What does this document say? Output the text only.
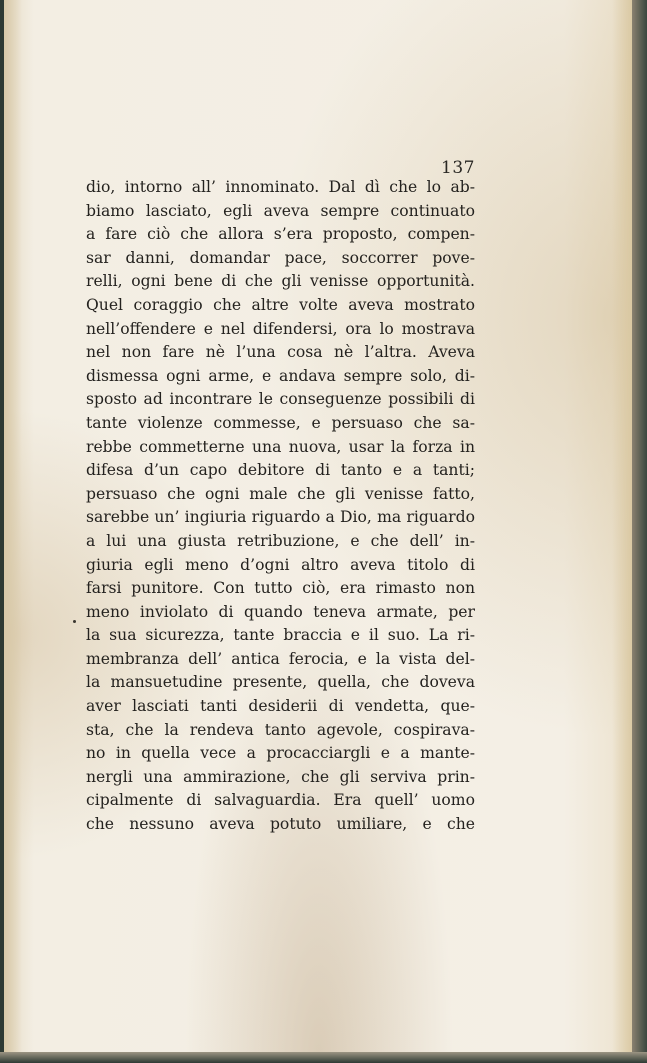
137
dio, intorno all’ innominato. Dal dì che lo ab-
biamo lasciato, egli aveva sempre continuato
a fare ciò che allora s’era proposto, compen-
sar danni, domandar pace, soccorrer pove-
relli, ogni bene di che gli venisse opportunità.
Quel coraggio che altre volte aveva mostrato
nell’offendere e nel difendersi, ora lo mostrava
nel non fare nè l’una cosa nè l’altra. Aveva
dismessa ogni arme, e andava sempre solo, di-
sposto ad incontrare le conseguenze possibili di
tante violenze commesse, e persuaso che sa-
rebbe commetterne una nuova, usar la forza in
difesa d’un capo debitore di tanto e a tanti;
persuaso che ogni male che gli venisse fatto,
sarebbe un’ ingiuria riguardo a Dio, ma riguardo
a lui una giusta retribuzione, e che dell’ in-
giuria egli meno d’ogni altro aveva titolo di
farsi punitore. Con tutto ciò, era rimasto non
meno inviolato di quando teneva armate, per
la sua sicurezza, tante braccia e il suo. La ri-
membranza dell’ antica ferocia, e la vista del-
la mansuetudine presente, quella, che doveva
aver lasciati tanti desiderii di vendetta, que-
sta, che la rendeva tanto agevole, cospirava-
no in quella vece a procacciargli e a mante-
nergli una ammirazione, che gli serviva prin-
cipalmente di salvaguardia. Era quell’ uomo
che nessuno aveva potuto umiliare, e che
